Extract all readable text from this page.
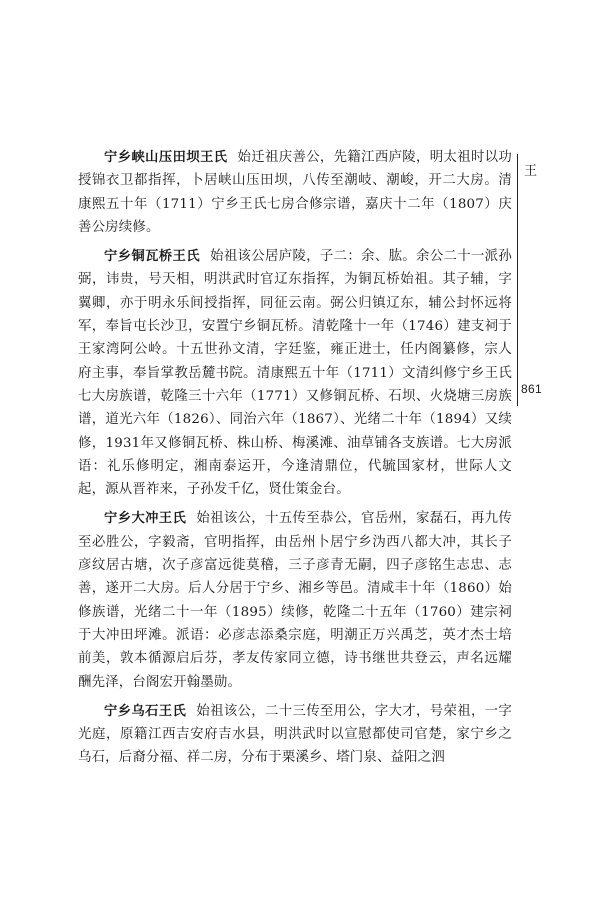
王
861

宁乡峡山压田坝王氏 始迁祖庆善公，先籍江西庐陵，明太祖时以功授锦衣卫都指挥，卜居峡山压田坝，八传至潮岐、潮峻，开二大房。清康熙五十年（1711）宁乡王氏七房合修宗谱，嘉庆十二年（1807）庆善公房续修。

宁乡铜瓦桥王氏 始祖该公居庐陵，子二：余、肱。余公二十一派孙弼，讳贵，号天相，明洪武时官辽东指挥，为铜瓦桥始祖。其子辅，字翼卿，亦于明永乐间授指挥，同征云南。弼公归镇辽东，辅公封怀远将军，奉旨屯长沙卫，安置宁乡铜瓦桥。清乾隆十一年（1746）建支祠于王家湾阿公岭。十五世孙文清，字廷鉴，雍正进士，任内阁纂修，宗人府主事，奉旨掌教岳麓书院。清康熙五十年（1711）文清纠修宁乡王氏七大房族谱，乾隆三十六年（1771）又修铜瓦桥、石坝、火烧塘三房族谱，道光六年（1826）、同治六年（1867）、光绪二十年（1894）又续修，1931年又修铜瓦桥、株山桥、梅溪滩、油草铺各支族谱。七大房派语：礼乐修明定，湘南泰运开，今逢清鼎位，代毓国家材，世际人文起，源从晋祚来，子孙发千亿，贤仕策金台。

宁乡大冲王氏 始祖该公，十五传至恭公，官岳州，家磊石，再九传至必胜公，字毅斋，官明指挥，由岳州卜居宁乡沩西八都大冲，其长子彦纹居古塘，次子彦富远徙莫稽，三子彦青无嗣，四子彦铭生志忠、志善，遂开二大房。后人分居于宁乡、湘乡等邑。清咸丰十年（1860）始修族谱，光绪二十一年（1895）续修，乾隆二十五年（1760）建宗祠于大冲田坪滩。派语：必彦志添桑宗庭，明潮正万兴禹芝，英才杰士培前美，敦本循源启后芬，孝友传家同立德，诗书继世共登云，声名远耀酬先泽，台阁宏开翰墨勋。

宁乡乌石王氏 始祖该公，二十三传至用公，字大才，号荣祖，一字光庭，原籍江西吉安府吉水县，明洪武时以宣慰都使司官楚，家宁乡之乌石，后裔分福、祥二房，分布于栗溪乡、塔门泉、益阳之泗
